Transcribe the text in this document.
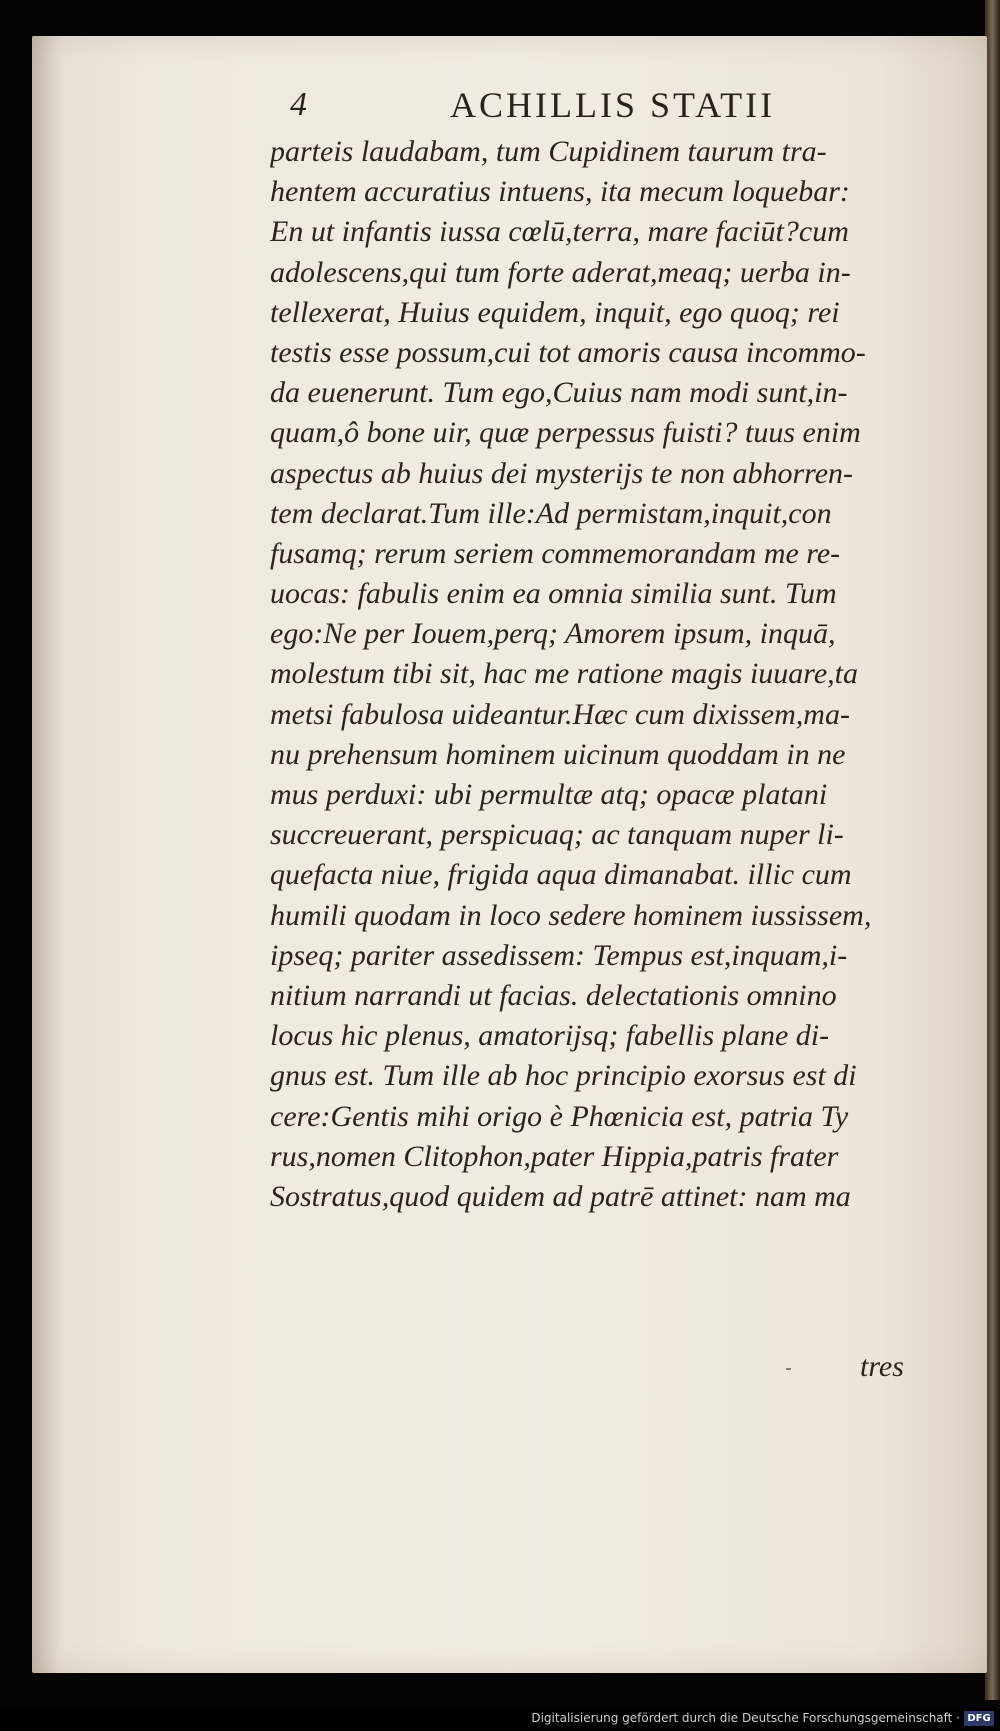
4	ACHILLIS STATII
parteis laudabam, tum Cupidinem taurum tra-
hentem accuratius intuens, ita mecum loquebar:
En ut infantis iussa cœlū,terra, mare faciūt?cum
adolescens,qui tum forte aderat,meaq; uerba in-
tellexerat, Huius equidem, inquit, ego quoq; rei
testis esse possum,cui tot amoris causa incommo-
da euenerunt. Tum ego,Cuius nam modi sunt,in-
quam,ô bone uir, quæ perpessus fuisti? tuus enim
aspectus ab huius dei mysterijs te non abhorren-
tem declarat.Tum ille:Ad permistam,inquit,con
fusamq; rerum seriem commemorandam me re-
uocas: fabulis enim ea omnia similia sunt. Tum
ego:Ne per Iouem,perq; Amorem ipsum, inquā,
molestum tibi sit, hac me ratione magis iuuare,ta
metsi fabulosa uideantur.Hæc cum dixissem,ma-
nu prehensum hominem uicinum quoddam in ne
mus perduxi: ubi permultæ atq; opacæ platani
succreuerant, perspicuaq; ac tanquam nuper li-
quefacta niue, frigida aqua dimanabat. illic cum
humili quodam in loco sedere hominem iussissem,
ipseq; pariter assedissem: Tempus est,inquam,i-
nitium narrandi ut facias. delectationis omnino
locus hic plenus, amatorijsq; fabellis plane di-
gnus est. Tum ille ab hoc principio exorsus est di
cere:Gentis mihi origo è Phœnicia est, patria Ty
rus,nomen Clitophon,pater Hippia,patris frater
Sostratus,quod quidem ad patrē attinet: nam ma
tres
Digitalisierung gefördert durch die Deutsche Forschungsgemeinschaft · DFG
